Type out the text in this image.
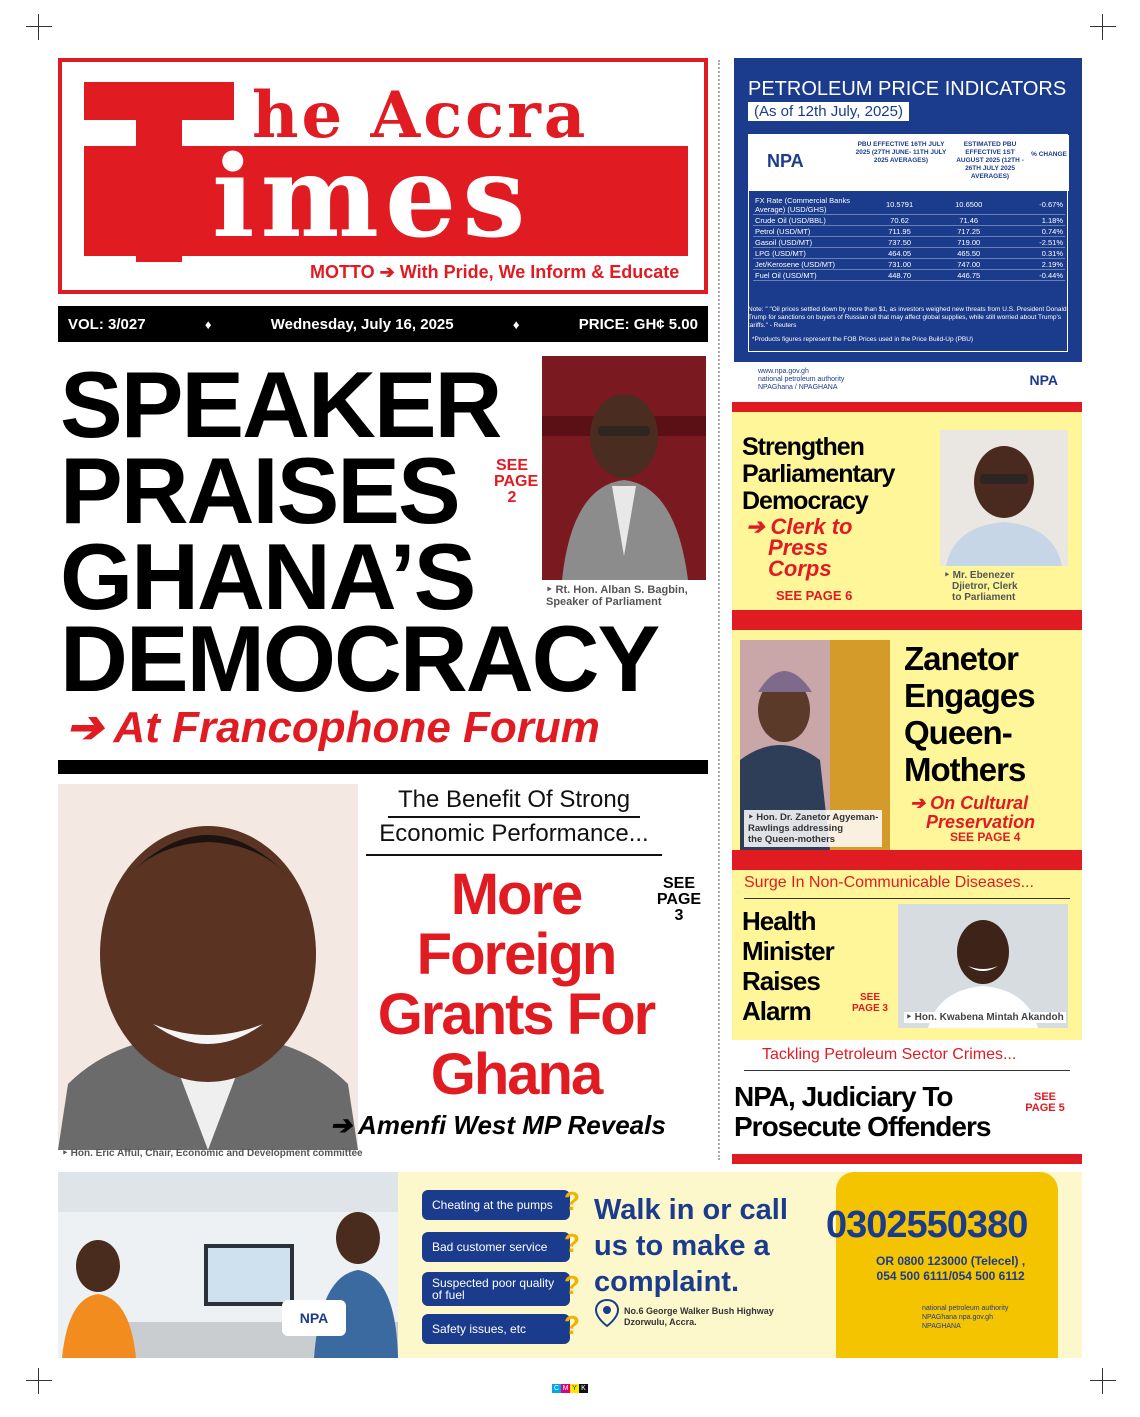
he Accra
imes
MOTTO ➔ With Pride, We Inform & Educate
VOL: 3/027	♦	Wednesday, July 16, 2025	♦	PRICE: GH¢ 5.00
SPEAKER
PRAISES
GHANA’S
DEMOCRACY
SEE PAGE 2
‣ Rt. Hon. Alban S. Bagbin,
Speaker of Parliament
➔ At Francophone Forum
‣ Hon. Eric Afful, Chair, Economic and Development committee
The Benefit Of Strong
Economic Performance...
More
Foreign
Grants For
Ghana
SEE PAGE 3
➔ Amenfi West MP Reveals
PETROLEUM PRICE INDICATORS
(As of 12th July, 2025)
NPA
PBU EFFECTIVE 16TH JULY 2025 (27TH JUNE- 11TH JULY 2025 AVERAGES)
ESTIMATED PBU EFFECTIVE 1ST AUGUST 2025 (12TH - 26TH JULY 2025 AVERAGES)
% CHANGE
FX Rate (Commercial Banks Average) (USD/GHS)	10.5791	10.6500	-0.67%
Crude Oil (USD/BBL)	70.62	71.46	1.18%
Petrol (USD/MT)	711.95	717.25	0.74%
Gasoil (USD/MT)	737.50	719.00	-2.51%
LPG (USD/MT)	464.05	465.50	0.31%
Jet/Kerosene (USD/MT)	731.00	747.00	2.19%
Fuel Oil (USD/MT)	448.70	446.75	-0.44%
*Products figures represent the FOB Prices used in the Price Build-Up (PBU)
Note: " "Oil prices settled down by more than $1, as investors weighed new threats from U.S. President Donald Trump for sanctions on buyers of Russian oil that may affect global supplies, while still worried about Trump's tariffs." - Reuters
www.npa.gov.gh
national petroleum authority
NPAGhana / NPAGHANA	NPA
Strengthen
Parliamentary
Democracy
➔ Clerk to
Press
Corps
SEE PAGE 6
‣ Mr. Ebenezer
Djietror, Clerk
to Parliament
‣ Hon. Dr. Zanetor Agyeman-
Rawlings addressing
the Queen-mothers
Zanetor
Engages
Queen-
Mothers
➔ On Cultural
Preservation
SEE PAGE 4
Surge In Non-Communicable Diseases...
Health
Minister
Raises
Alarm	SEE PAGE 3
‣ Hon. Kwabena Mintah Akandoh
Tackling Petroleum Sector Crimes...
NPA, Judiciary To
Prosecute Offenders
SEE PAGE 5
NPA
Cheating at the pumps ?
Bad customer service ?
Suspected poor quality of fuel	?
Safety issues, etc	?
Walk in or call us to make a complaint.
No.6 George Walker Bush Highway
Dzorwulu, Accra.
0302550380
OR 0800 123000 (Telecel) ,
054 500 6111/054 500 6112
national petroleum authority
NPAGhana npa.gov.gh
NPAGHANA
C M Y K
